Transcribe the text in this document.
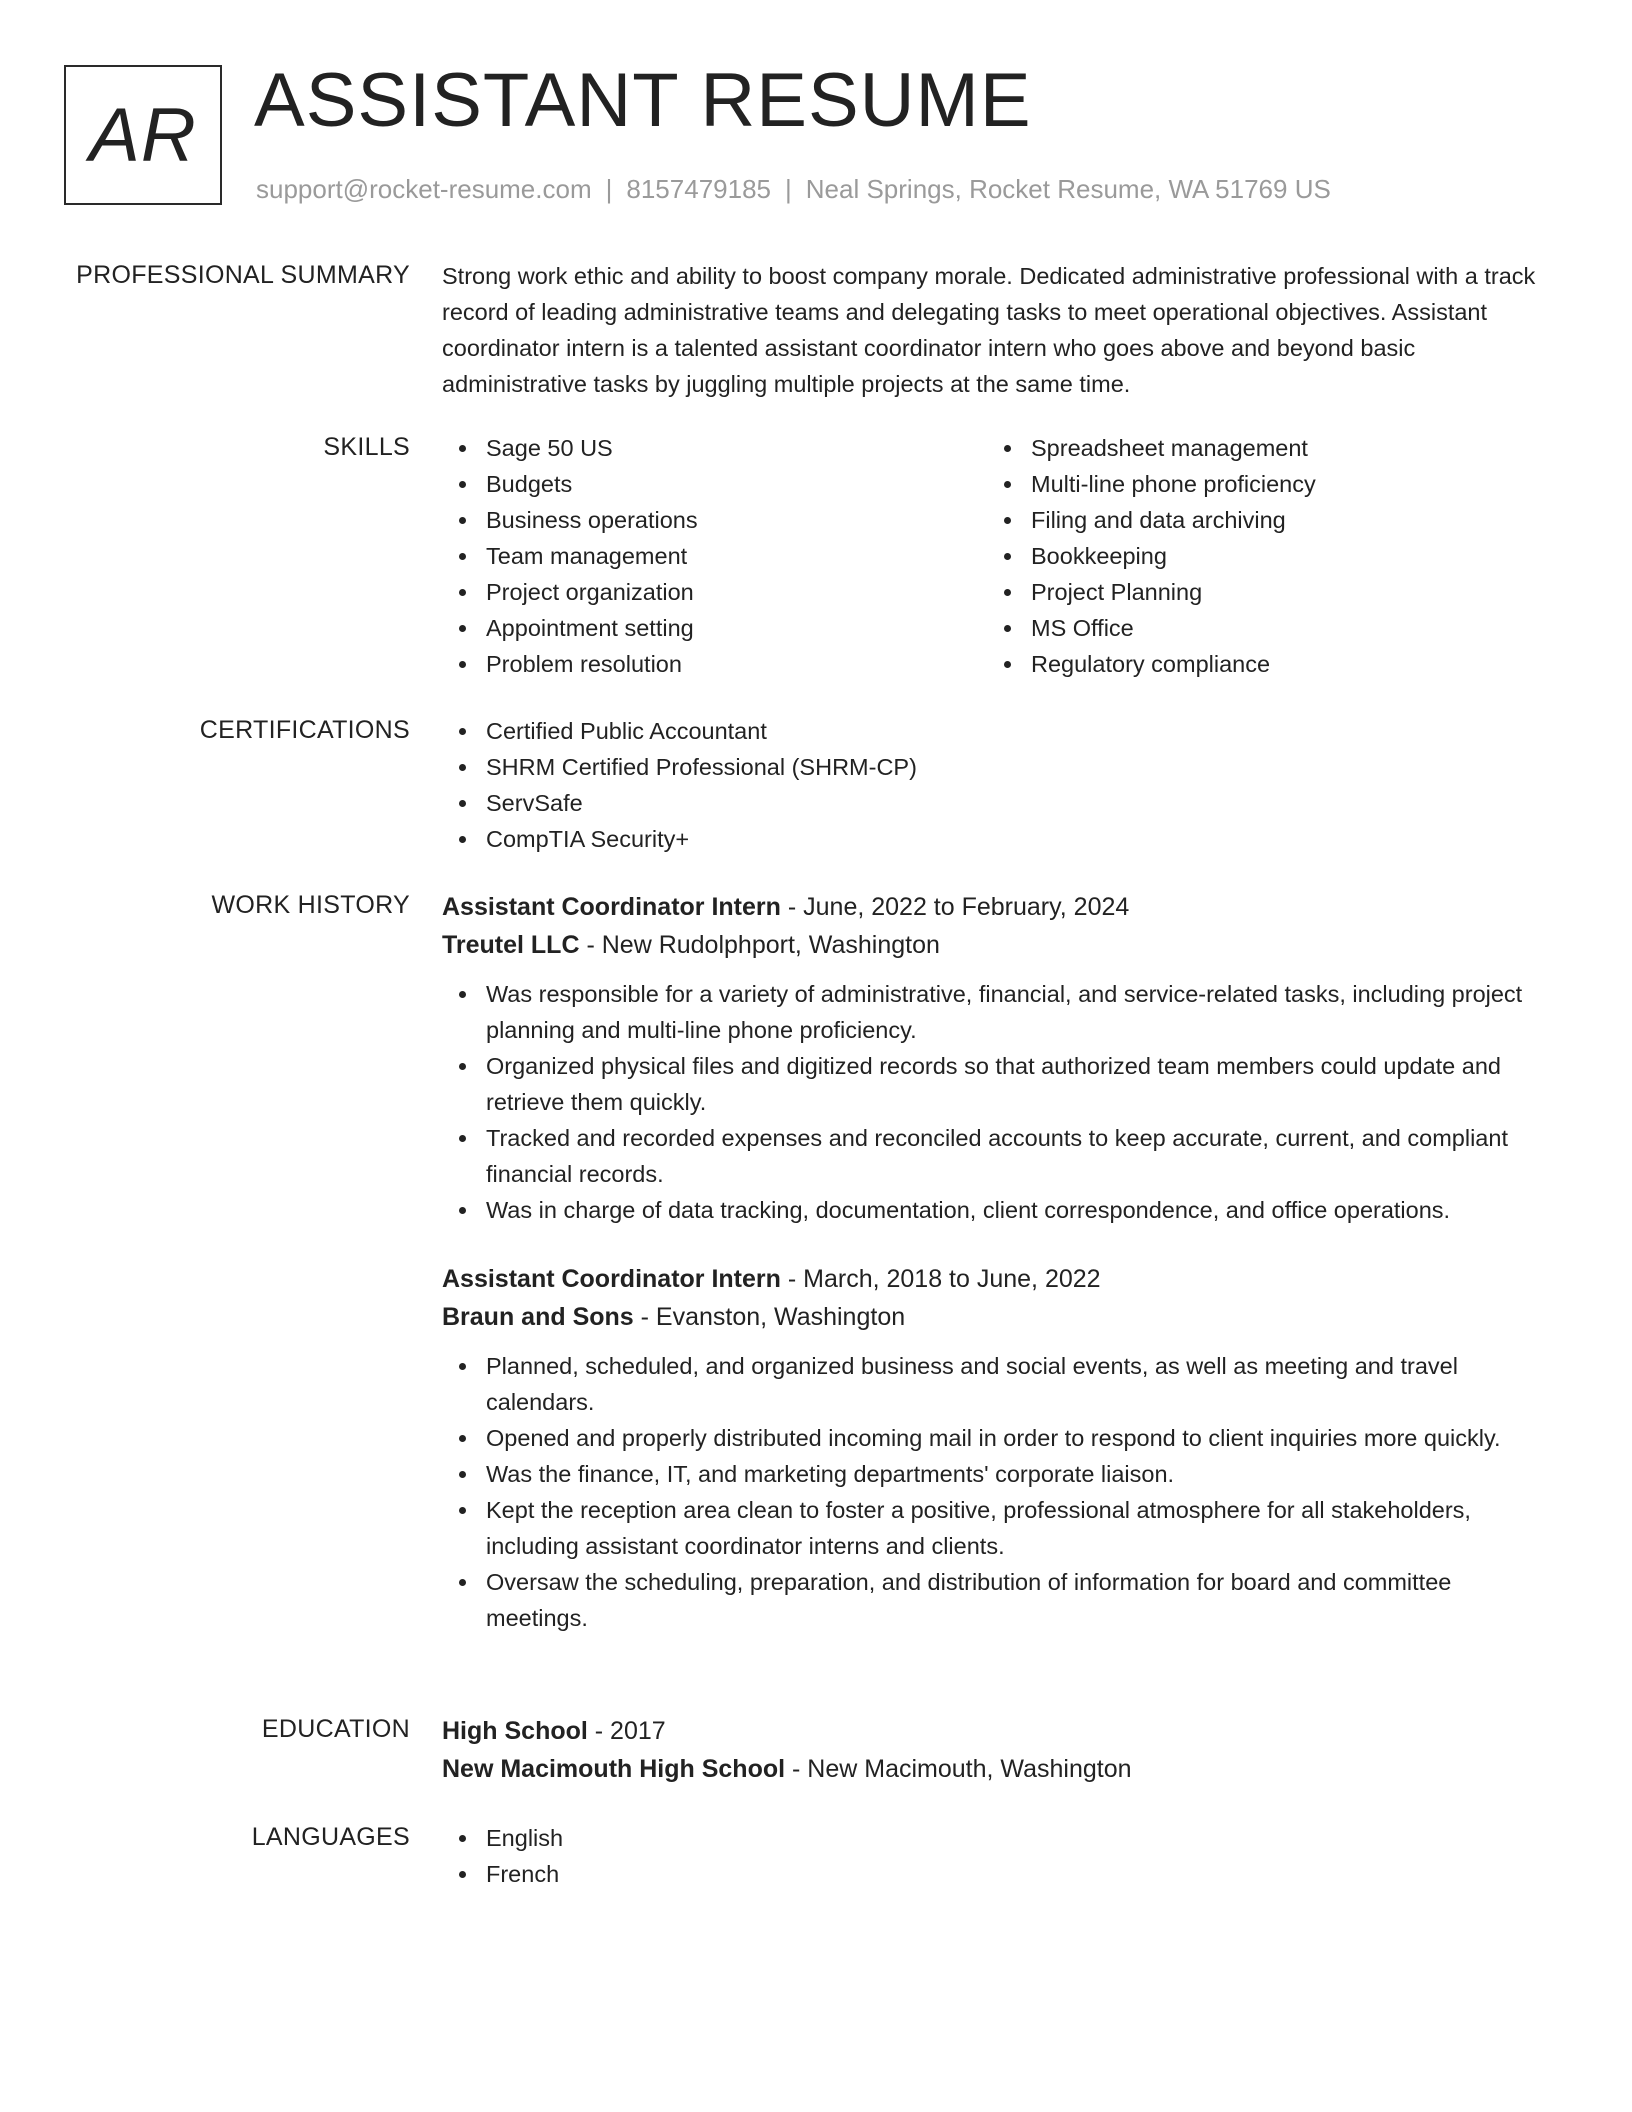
AR ASSISTANT RESUME
support@rocket-resume.com | 8157479185 | Neal Springs, Rocket Resume, WA 51769 US
PROFESSIONAL SUMMARY Strong work ethic and ability to boost company morale. Dedicated administrative professional with a track record of leading administrative teams and delegating tasks to meet operational objectives. Assistant coordinator intern is a talented assistant coordinator intern who goes above and beyond basic administrative tasks by juggling multiple projects at the same time.

SKILLS	Sage 50 US
Budgets
Business operations
Team management
Project organization
Appointment setting
Problem resolution
Spreadsheet management
Multi-line phone proficiency
Filing and data archiving
Bookkeeping
Project Planning
MS Office
Regulatory compliance
CERTIFICATIONS	Certified Public Accountant
SHRM Certified Professional (SHRM-CP)
ServSafe
CompTIA Security+
WORK HISTORY Assistant Coordinator Intern - June, 2022 to February, 2024
Treutel LLC - New Rudolphport, Washington
Was responsible for a variety of administrative, financial, and service-related tasks, including project planning and multi-line phone proficiency.
Organized physical files and digitized records so that authorized team members could update and retrieve them quickly.
Tracked and recorded expenses and reconciled accounts to keep accurate, current, and compliant financial records.
Was in charge of data tracking, documentation, client correspondence, and office operations.
Assistant Coordinator Intern - March, 2018 to June, 2022
Braun and Sons - Evanston, Washington
Planned, scheduled, and organized business and social events, as well as meeting and travel calendars.
Opened and properly distributed incoming mail in order to respond to client inquiries more quickly.
Was the finance, IT, and marketing departments' corporate liaison.
Kept the reception area clean to foster a positive, professional atmosphere for all stakeholders, including assistant coordinator interns and clients.
Oversaw the scheduling, preparation, and distribution of information for board and committee meetings.
EDUCATION High School - 2017
New Macimouth High School - New Macimouth, Washington
LANGUAGES	English
French
